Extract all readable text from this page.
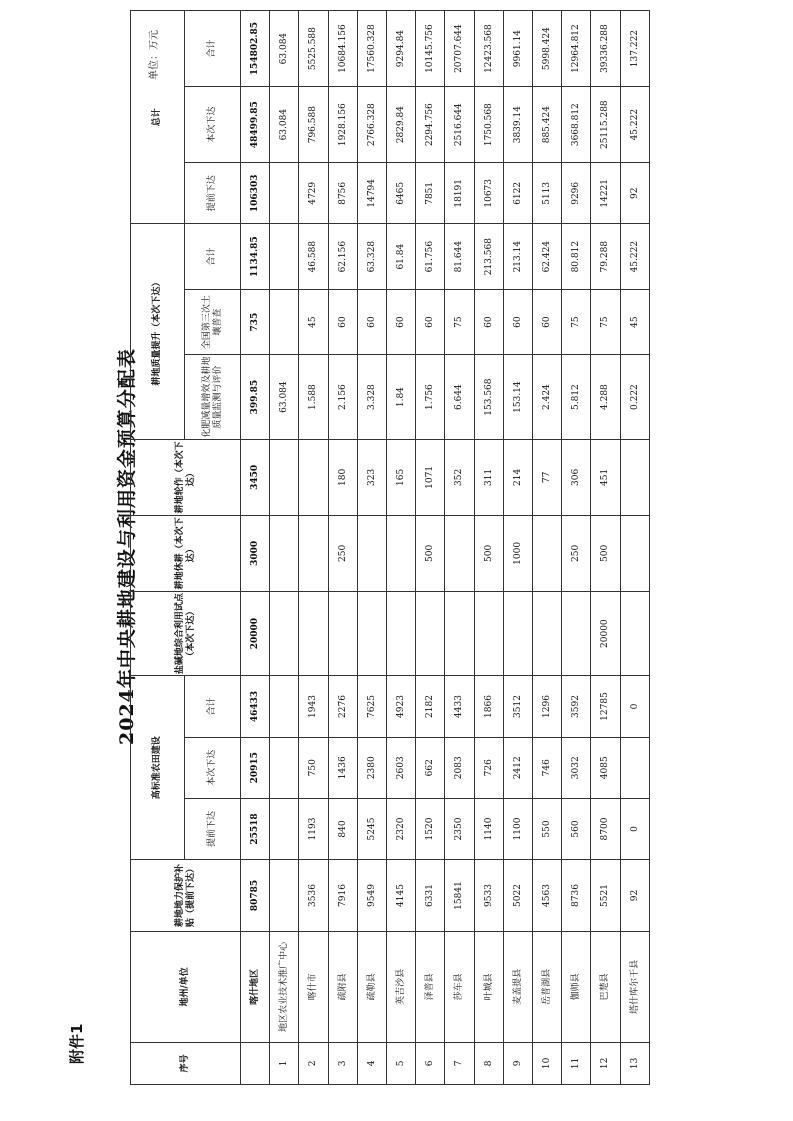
附件1
2024年中央耕地建设与利用资金预算分配表
单位：万元
序号	地州/单位	耕地地力保护补贴（提前下达）	高标准农田建设			盐碱地综合利用试点（本次下达）	耕地休耕（本次下达）	耕地轮作（本次下达）	耕地质量提升（本次下达）			总计		
			提前下达	本次下达	合计				化肥减量增效及耕地质量监测与评价	全国第三次土壤普查	合计	提前下达	本次下达	合计

	喀什地区	80785	25518	20915	46433	20000	3000	3450	399.85	735	1134.85	106303	48499.85	154802.85
1	地区农业技术推广中心								63.084				63.084	63.084
2	喀什市	3536	1193	750	1943				1.588	45	46.588	4729	796.588	5525.588
3	疏附县	7916	840	1436	2276		250	180	2.156	60	62.156	8756	1928.156	10684.156
4	疏勒县	9549	5245	2380	7625			323	3.328	60	63.328	14794	2766.328	17560.328
5	英吉沙县	4145	2320	2603	4923			165	1.84	60	61.84	6465	2829.84	9294.84
6	泽普县	6331	1520	662	2182		500	1071	1.756	60	61.756	7851	2294.756	10145.756
7	莎车县	15841	2350	2083	4433			352	6.644	75	81.644	18191	2516.644	20707.644
8	叶城县	9533	1140	726	1866		500	311	153.568	60	213.568	10673	1750.568	12423.568
9	麦盖提县	5022	1100	2412	3512		1000	214	153.14	60	213.14	6122	3839.14	9961.14
10	岳普湖县	4563	550	746	1296			77	2.424	60	62.424	5113	885.424	5998.424
11	伽师县	8736	560	3032	3592		250	306	5.812	75	80.812	9296	3668.812	12964.812
12	巴楚县	5521	8700	4085	12785	20000	500	451	4.288	75	79.288	14221	25115.288	39336.288
13	塔什库尔干县	92	0		0				0.222	45	45.222	92	45.222	137.222
